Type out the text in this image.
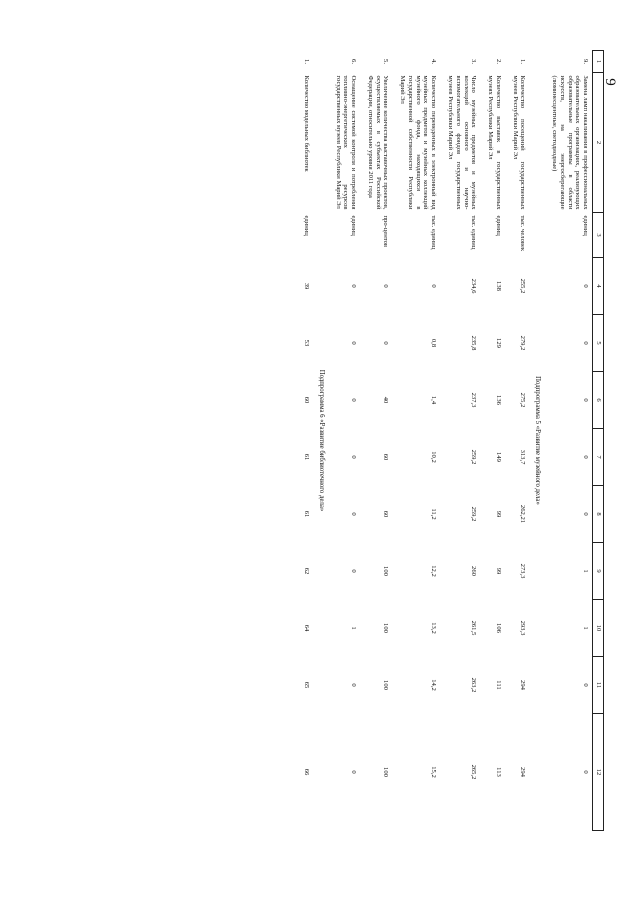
9
1	2	3	4	5	6	7	8	9	10	11	12
9.	Замена ламп накаливания в профессиональных образовательных организациях, реализующих образовательные программы в области искусств, на энергосберегающие (люминесцентные, светодиодные)	единиц	0	0	0	0	0	1	1	0	0
Подпрограмма 5 «Развитие музейного дела»											
1.	Количество посещений государственных музеев Республики Марий Эл	тыс. человек	255,2	279,2	275,2	313,7	262,21	273,3	293,3	294	294
2.	Количество выставок в государственных музеях Республики Марий Эл	единиц	138	129	136	149	99	99	106	111	113
3.	Число музейных предметов и музейных коллекций основного и научно-вспомогательного фондов государственных музеев Республики Марий Эл	тыс. единиц	234,6	235,8	237,3	259,2	259,2	260	261,5	263,2	265,2
4.	Количество переведенных в электронный вид музейных предметов и музейных коллекций музейного фонда, находящихся в государственной собственности Республики Марий Эл	тыс. единиц	0	0,8	1,4	10,2	11,2	12,2	13,2	14,2	15,2
5.	Увеличение количества выставочных проектов, осуществляемых в субъектах Российской Федерации, относительно уровня 2011 года	про-центов	0	0	40	60	60	100	100	100	100
6.	Оснащение системой контроля и потребления топливно-энергетических ресурсов государственных музеев Республики Марий Эл	единиц	0	0	0	0	0	0	1	0	0
Подпрограмма 6 «Развитие библиотечного дела»											
1.	Количество модельных библиотек	единиц	39	53	60	61	61	62	64	65	66
